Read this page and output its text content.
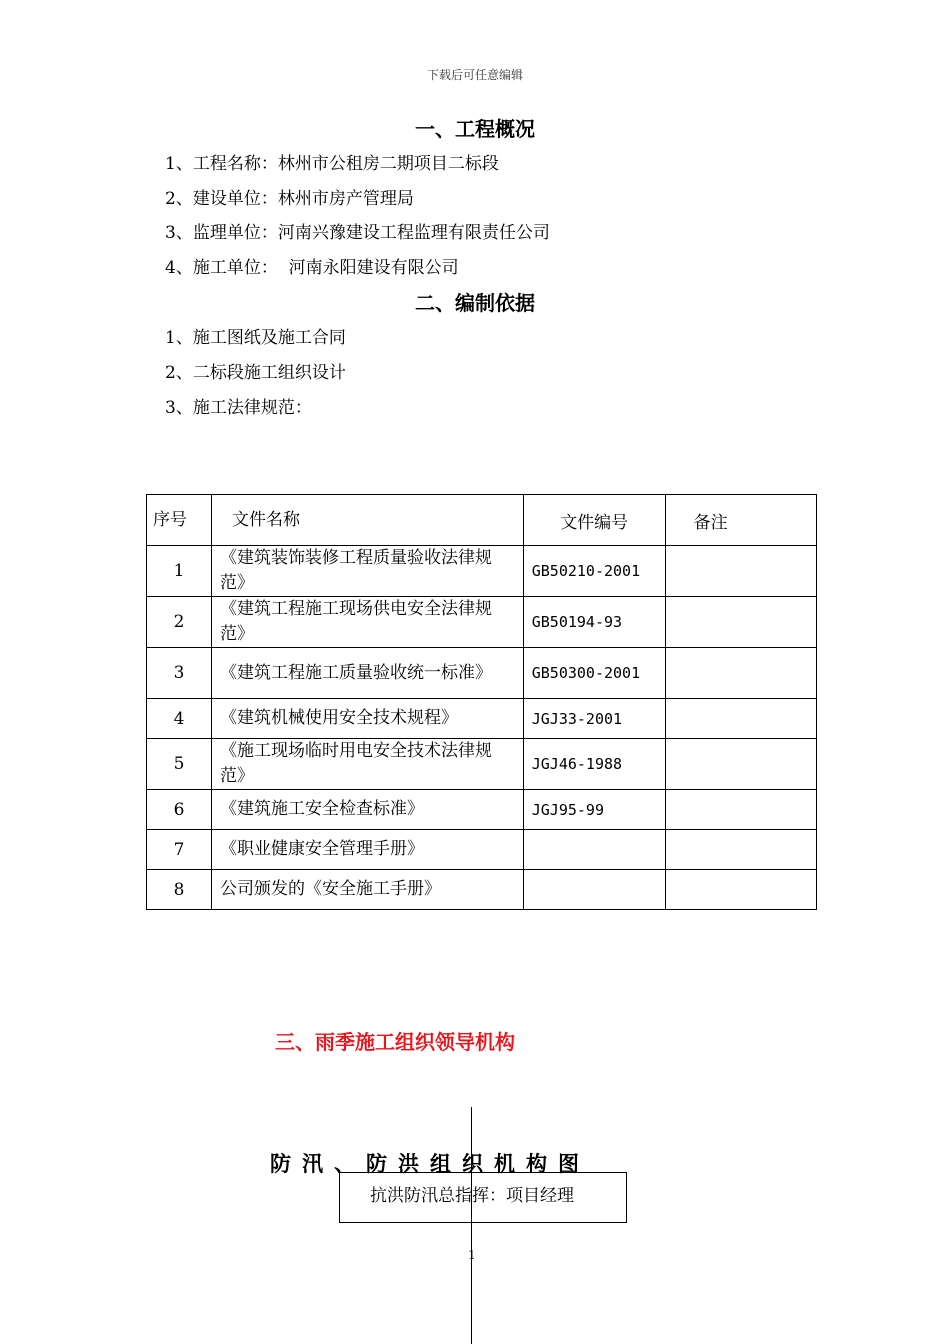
下载后可任意编辑
一、工程概况
1、工程名称：林州市公租房二期项目二标段
2、建设单位：林州市房产管理局
3、监理单位：河南兴豫建设工程监理有限责任公司
4、施工单位：  河南永阳建设有限公司
二、编制依据
1、施工图纸及施工合同
2、二标段施工组织设计
3、施工法律规范：
序号	文件名称	文件编号	备注
1	《建筑装饰装修工程质量验收法律规范》	GB50210-2001	
2	《建筑工程施工现场供电安全法律规范》	GB50194-93	
3	《建筑工程施工质量验收统一标准》	GB50300-2001	
4	《建筑机械使用安全技术规程》	JGJ33-2001	
5	《施工现场临时用电安全技术法律规范》	JGJ46-1988	
6	《建筑施工安全检查标准》	JGJ95-99	
7	《职业健康安全管理手册》		
8	公司颁发的《安全施工手册》		
三、雨季施工组织领导机构
防汛、防洪组织机构图
抗洪防汛总指挥：项目经理
1
